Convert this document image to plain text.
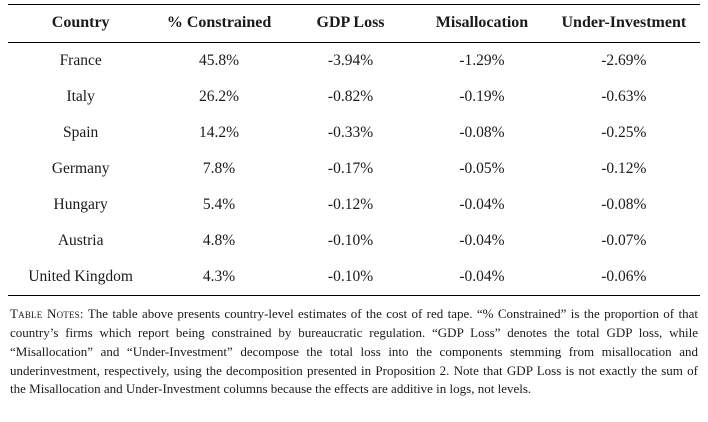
Country	% Constrained	GDP Loss	Misallocation	Under-Investment
France	45.8%	-3.94%	-1.29%	-2.69%
Italy	26.2%	-0.82%	-0.19%	-0.63%
Spain	14.2%	-0.33%	-0.08%	-0.25%
Germany	7.8%	-0.17%	-0.05%	-0.12%
Hungary	5.4%	-0.12%	-0.04%	-0.08%
Austria	4.8%	-0.10%	-0.04%	-0.07%
United Kingdom	4.3%	-0.10%	-0.04%	-0.06%
Table Notes: The table above presents country-level estimates of the cost of red tape. “% Constrained” is the proportion of that country’s firms which report being constrained by bureaucratic regulation. “GDP Loss” denotes the total GDP loss, while “Misallocation” and “Under-Investment” decompose the total loss into the components stemming from misallocation and underinvestment, respectively, using the decomposition presented in Proposition 2. Note that GDP Loss is not exactly the sum of the Misallocation and Under-Investment columns because the effects are additive in logs, not levels.
